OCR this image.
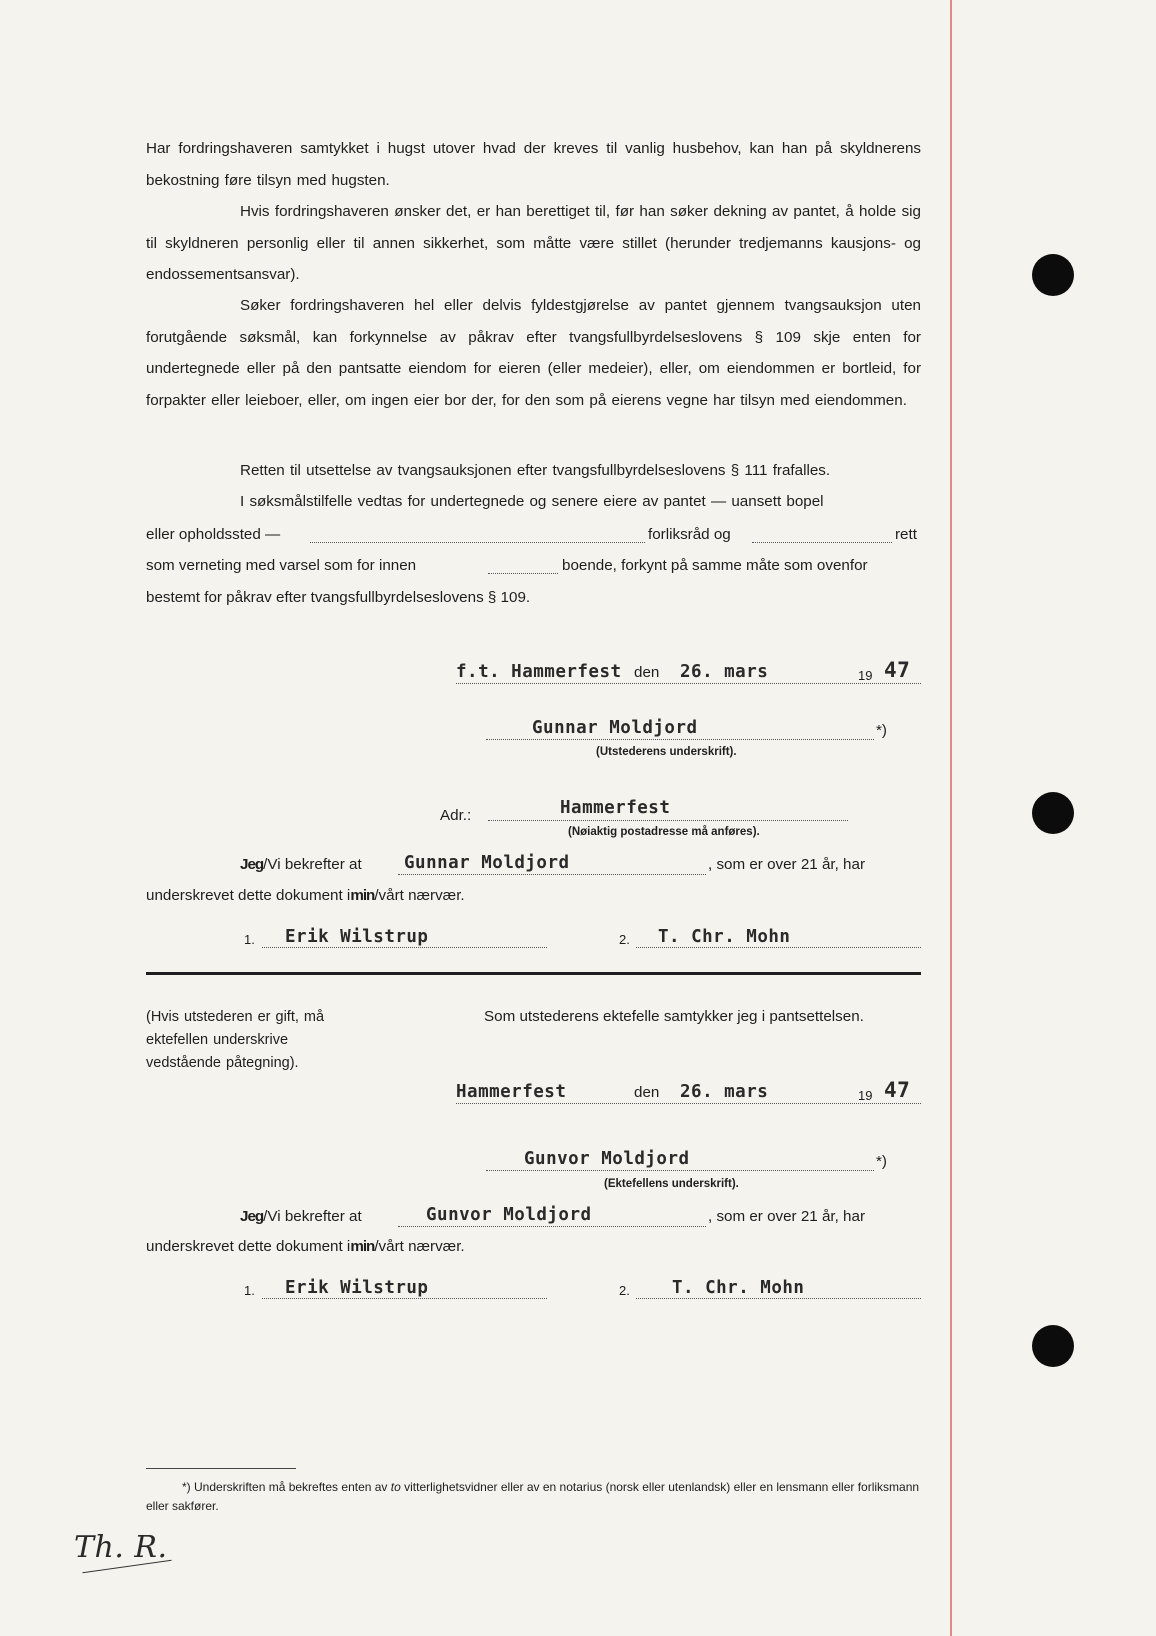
Har fordringshaveren samtykket i hugst utover hvad der kreves til vanlig husbehov, kan han på skyldnerens bekostning føre tilsyn med hugsten.
Hvis fordringshaveren ønsker det, er han berettiget til, før han søker dekning av pantet, å holde sig til skyldneren personlig eller til annen sikkerhet, som måtte være stillet (herunder tredjemanns kausjons- og endossementsansvar).
Søker fordringshaveren hel eller delvis fyldestgjørelse av pantet gjennem tvangsauksjon uten forutgående søksmål, kan forkynnelse av påkrav efter tvangsfullbyrdelseslovens § 109 skje enten for undertegnede eller på den pantsatte eiendom for eieren (eller medeier), eller, om eiendommen er bortleid, for forpakter eller leieboer, eller, om ingen eier bor der, for den som på eierens vegne har tilsyn med eiendommen.
Retten til utsettelse av tvangsauksjonen efter tvangsfullbyrdelseslovens § 111 frafalles.
I søksmålstilfelle vedtas for undertegnede og senere eiere av pantet — uansett bopel
eller opholdssted —	forliksråd og	rett
som verneting med varsel som for innen	boende, forkynt på samme måte som ovenfor
bestemt for påkrav efter tvangsfullbyrdelseslovens § 109.
f.t. Hammerfest den 26. mars	19 47
Gunnar Moldjord	*)
(Utstederens underskrift).
Adr.:	Hammerfest
(Nøiaktig postadresse må anføres).
Jeg/Vi bekrefter at Gunnar Moldjord	, som er over 21 år, har
underskrevet dette dokument imin/vårt nærvær.
1. Erik Wilstrup	2. T. Chr. Mohn
(Hvis utstederen er gift, må ektefellen underskrive vedstående påtegning).
Som utstederens ektefelle samtykker jeg i pantsettelsen.
Hammerfest	den 26. mars	19 47
Gunvor Moldjord	*)
(Ektefellens underskrift).
Jeg/Vi bekrefter at	Gunvor Moldjord	, som er over 21 år, har
underskrevet dette dokument imin/vårt nærvær.
1. Erik Wilstrup	2. T. Chr. Mohn
*) Underskriften må bekreftes enten av to vitterlighetsvidner eller av en notarius (norsk eller utenlandsk) eller en lensmann eller forliksmann eller sakfører.
Th. R.
